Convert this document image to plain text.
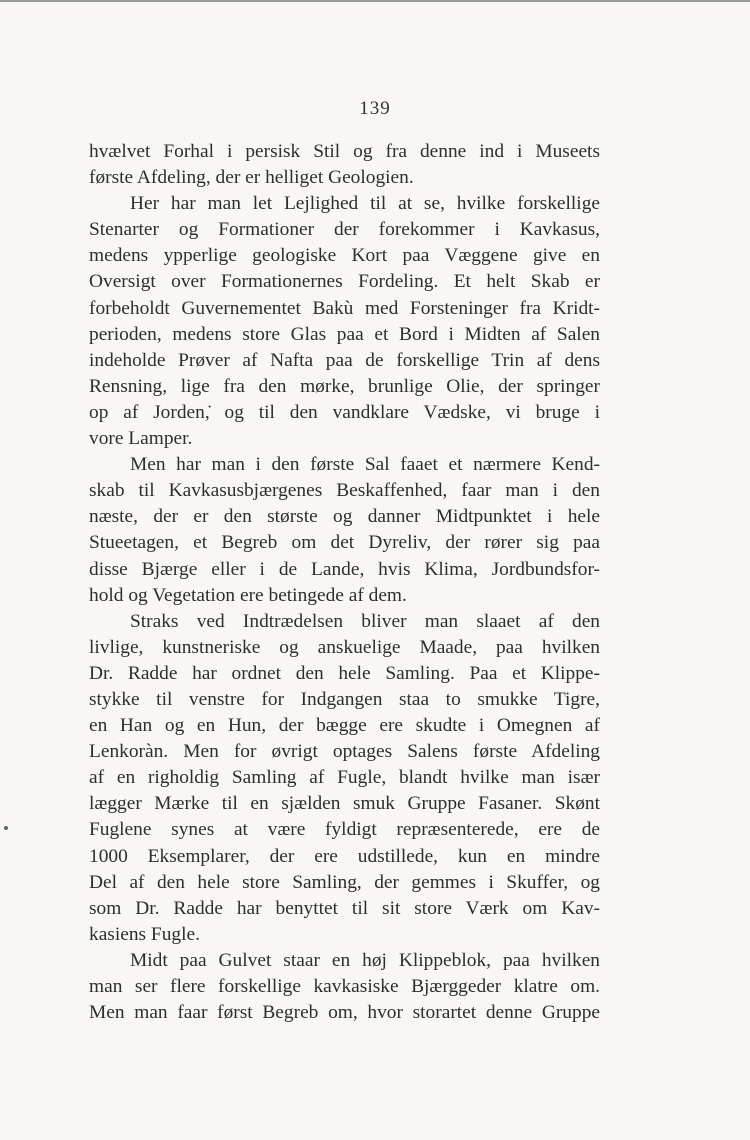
139
hvælvet Forhal i persisk Stil og fra denne ind i Museets
første Afdeling, der er helliget Geologien.
Her har man let Lejlighed til at se, hvilke forskellige
Stenarter og Formationer der forekommer i Kavkasus,
medens ypperlige geologiske Kort paa Væggene give en
Oversigt over Formationernes Fordeling. Et helt Skab er
forbeholdt Guvernementet Bakù med Forsteninger fra Kridt-
perioden, medens store Glas paa et Bord i Midten af Salen
indeholde Prøver af Nafta paa de forskellige Trin af dens
Rensning, lige fra den mørke, brunlige Olie, der springer
op af Jorden,̇ og til den vandklare Vædske, vi bruge i
vore Lamper.
Men har man i den første Sal faaet et nærmere Kend-
skab til Kavkasusbjærgenes Beskaffenhed, faar man i den
næste, der er den største og danner Midtpunktet i hele
Stueetagen, et Begreb om det Dyreliv, der rører sig paa
disse Bjærge eller i de Lande, hvis Klima, Jordbundsfor-
hold og Vegetation ere betingede af dem.
Straks ved Indtrædelsen bliver man slaaet af den
livlige, kunstneriske og anskuelige Maade, paa hvilken
Dr. Radde har ordnet den hele Samling. Paa et Klippe-
stykke til venstre for Indgangen staa to smukke Tigre,
en Han og en Hun, der bægge ere skudte i Omegnen af
Lenkoràn. Men for øvrigt optages Salens første Afdeling
af en righoldig Samling af Fugle, blandt hvilke man især
lægger Mærke til en sjælden smuk Gruppe Fasaner. Skønt
Fuglene synes at være fyldigt repræsenterede, ere de
1000 Eksemplarer, der ere udstillede, kun en mindre
Del af den hele store Samling, der gemmes i Skuffer, og
som Dr. Radde har benyttet til sit store Værk om Kav-
kasiens Fugle.
Midt paa Gulvet staar en høj Klippeblok, paa hvilken
man ser flere forskellige kavkasiske Bjærggeder klatre om.
Men man faar først Begreb om, hvor storartet denne Gruppe
